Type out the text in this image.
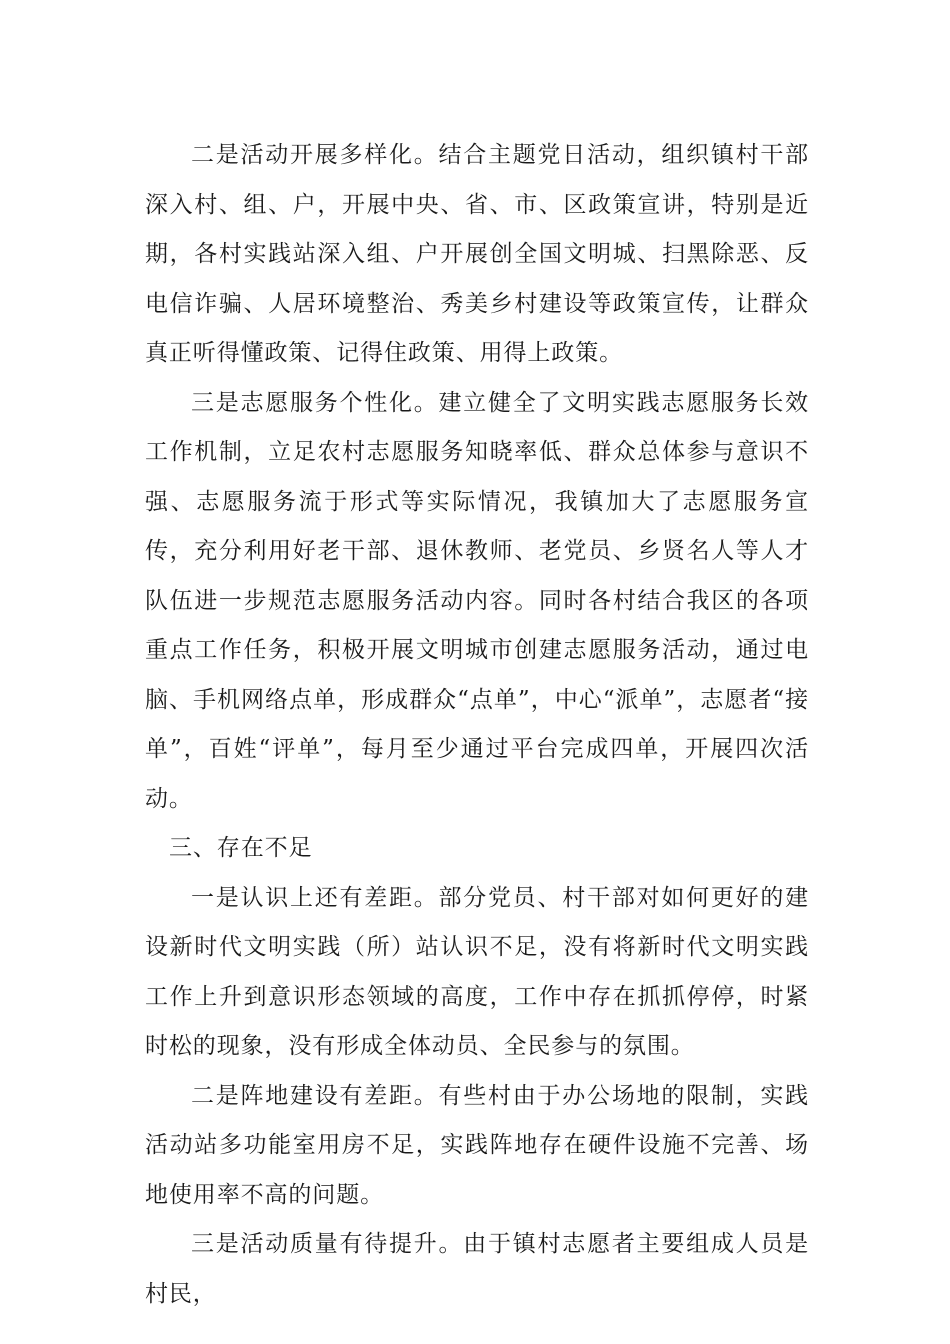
二是活动开展多样化。结合主题党日活动，组织镇村干部深入村、组、户，开展中央、省、市、区政策宣讲，特别是近期，各村实践站深入组、户开展创全国文明城、扫黑除恶、反电信诈骗、人居环境整治、秀美乡村建设等政策宣传，让群众真正听得懂政策、记得住政策、用得上政策。

三是志愿服务个性化。建立健全了文明实践志愿服务长效工作机制，立足农村志愿服务知晓率低、群众总体参与意识不强、志愿服务流于形式等实际情况，我镇加大了志愿服务宣传，充分利用好老干部、退休教师、老党员、乡贤名人等人才队伍进一步规范志愿服务活动内容。同时各村结合我区的各项重点工作任务，积极开展文明城市创建志愿服务活动，通过电脑、手机网络点单，形成群众“点单”，中心“派单”，志愿者“接单”，百姓“评单”，每月至少通过平台完成四单，开展四次活动。

三、存在不足

一是认识上还有差距。部分党员、村干部对如何更好的建设新时代文明实践（所）站认识不足，没有将新时代文明实践工作上升到意识形态领域的高度，工作中存在抓抓停停，时紧时松的现象，没有形成全体动员、全民参与的氛围。

二是阵地建设有差距。有些村由于办公场地的限制，实践活动站多功能室用房不足，实践阵地存在硬件设施不完善、场地使用率不高的问题。

三是活动质量有待提升。由于镇村志愿者主要组成人员是村民，
